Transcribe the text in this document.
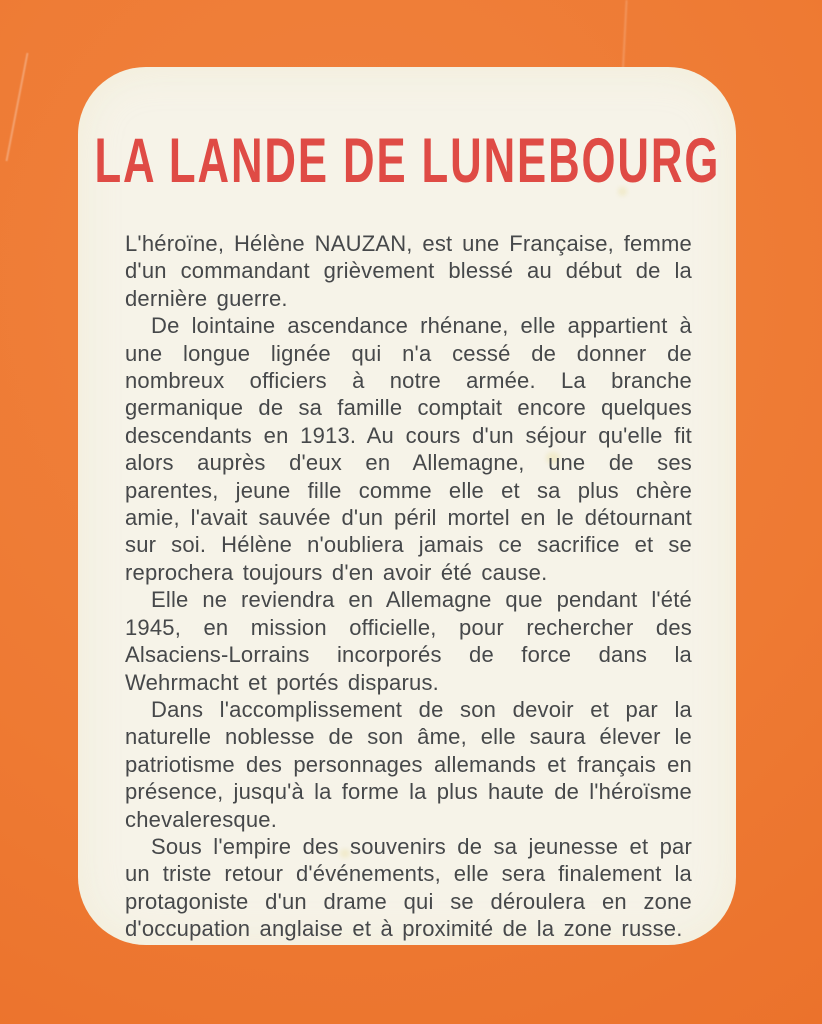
LA LANDE DE LUNEBOURG

L'héroïne, Hélène NAUZAN, est une Française, femme d'un commandant grièvement blessé au début de la dernière guerre.

De lointaine ascendance rhénane, elle appartient à une longue lignée qui n'a cessé de donner de nombreux officiers à notre armée. La branche germanique de sa famille comptait encore quelques descendants en 1913. Au cours d'un séjour qu'elle fit alors auprès d'eux en Allemagne, une de ses parentes, jeune fille comme elle et sa plus chère amie, l'avait sauvée d'un péril mortel en le détournant sur soi. Hélène n'oubliera jamais ce sacrifice et se reprochera toujours d'en avoir été cause.

Elle ne reviendra en Allemagne que pendant l'été 1945, en mission officielle, pour rechercher des Alsaciens-Lorrains incorporés de force dans la Wehrmacht et portés disparus.

Dans l'accomplissement de son devoir et par la naturelle noblesse de son âme, elle saura élever le patriotisme des personnages allemands et français en présence, jusqu'à la forme la plus haute de l'héroïsme chevaleresque.

Sous l'empire des souvenirs de sa jeunesse et par un triste retour d'événements, elle sera finalement la protagoniste d'un drame qui se déroulera en zone d'occupation anglaise et à proximité de la zone russe.
